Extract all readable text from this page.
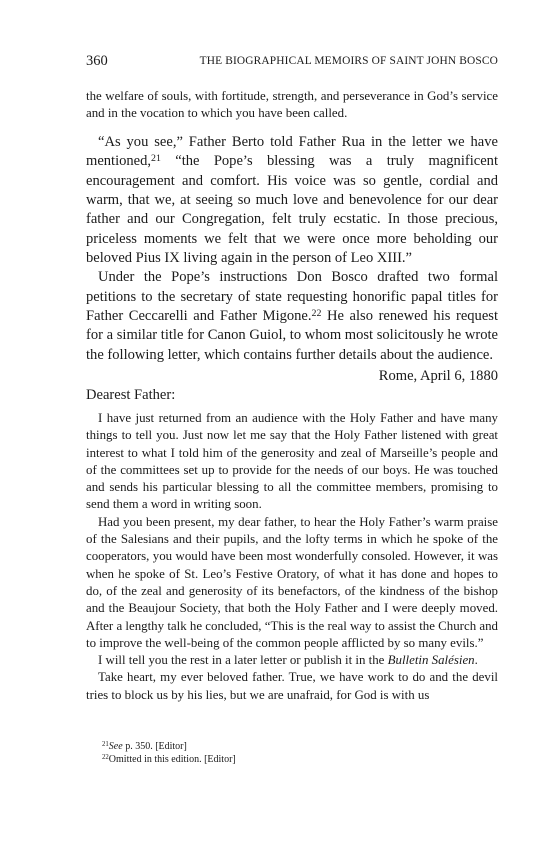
360	THE BIOGRAPHICAL MEMOIRS OF SAINT JOHN BOSCO

the welfare of souls, with fortitude, strength, and perseverance in God’s service and in the vocation to which you have been called.

“As you see,” Father Berto told Father Rua in the letter we have mentioned,$^{21}$ “the Pope’s blessing was a truly magnificent encouragement and comfort. His voice was so gentle, cordial and warm, that we, at seeing so much love and benevolence for our dear father and our Congregation, felt truly ecstatic. In those precious, priceless moments we felt that we were once more beholding our beloved Pius IX living again in the person of Leo XIII.”

Under the Pope’s instructions Don Bosco drafted two formal petitions to the secretary of state requesting honorific papal titles for Father Ceccarelli and Father Migone.$^{22}$ He also renewed his request for a similar title for Canon Guiol, to whom most solicitously he wrote the following letter, which contains further details about the audience.

Rome, April 6, 1880

Dearest Father:

I have just returned from an audience with the Holy Father and have many things to tell you. Just now let me say that the Holy Father listened with great interest to what I told him of the generosity and zeal of Marseille’s people and of the committees set up to provide for the needs of our boys. He was touched and sends his particular blessing to all the committee members, promising to send them a word in writing soon.

Had you been present, my dear father, to hear the Holy Father’s warm praise of the Salesians and their pupils, and the lofty terms in which he spoke of the cooperators, you would have been most wonderfully consoled. However, it was when he spoke of St. Leo’s Festive Oratory, of what it has done and hopes to do, of the zeal and generosity of its benefactors, of the kindness of the bishop and the Beaujour Society, that both the Holy Father and I were deeply moved. After a lengthy talk he concluded, “This is the real way to assist the Church and to improve the well-being of the common people afflicted by so many evils.”

I will tell you the rest in a later letter or publish it in the Bulletin Salésien.

Take heart, my ever beloved father. True, we have work to do and the devil tries to block us by his lies, but we are unafraid, for God is with us

$^{21}$See p. 350. [Editor]
$^{22}$Omitted in this edition. [Editor]
